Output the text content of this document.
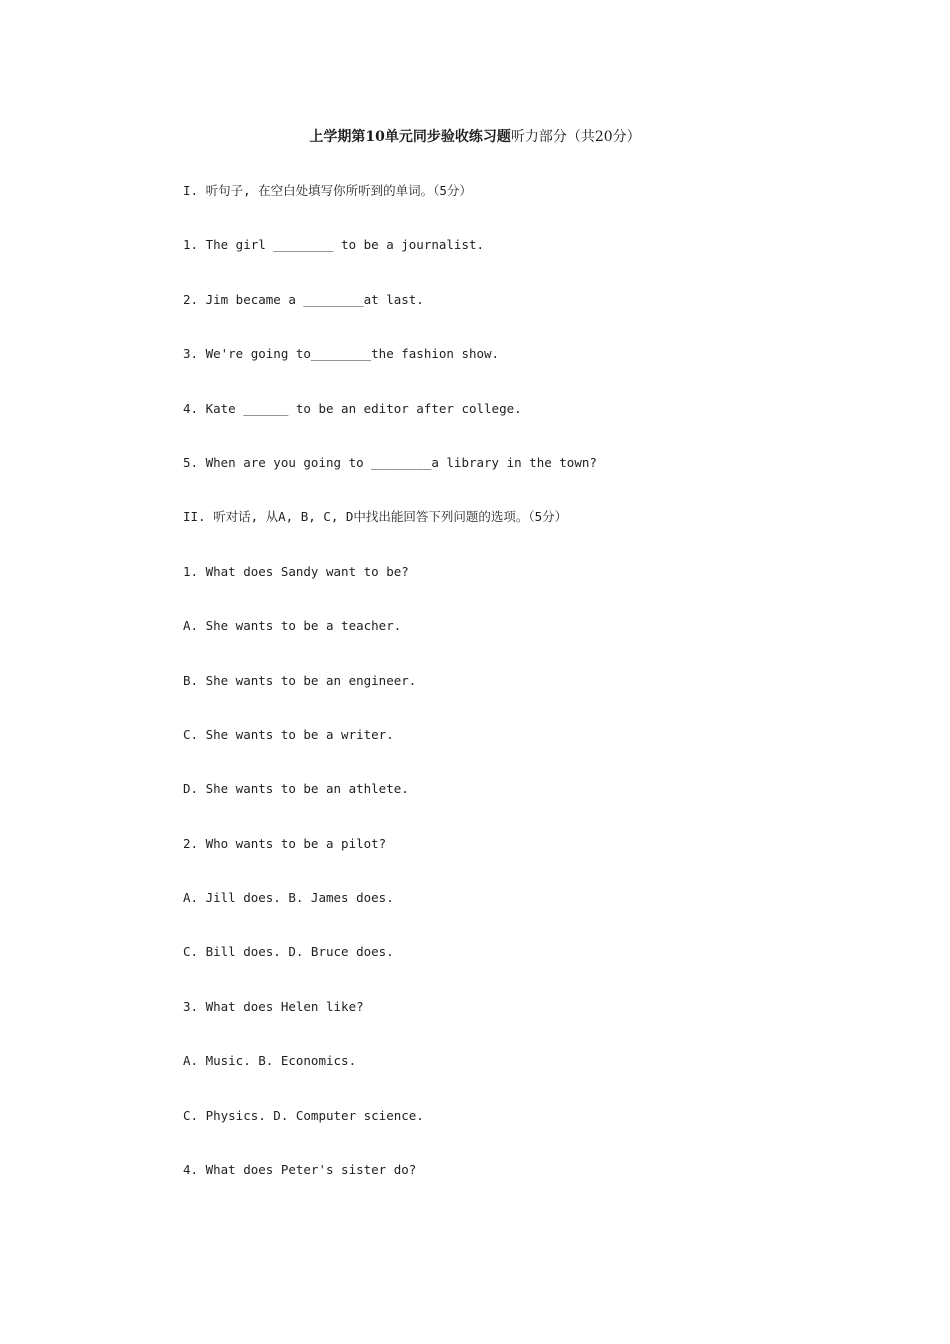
上学期第10单元同步验收练习题听力部分（共20分）
I. 听句子, 在空白处填写你所听到的单词。（5分）
1. The girl ________ to be a journalist.
2. Jim became a ________at last.
3. We're going to________the fashion show.
4. Kate ______ to be an editor after college.
5. When are you going to ________a library in the town?
II. 听对话, 从A, B, C, D中找出能回答下列问题的选项。（5分）
1. What does Sandy want to be?
A. She wants to be a teacher.
B. She wants to be an engineer.
C. She wants to be a writer.
D. She wants to be an athlete.
2. Who wants to be a pilot?
A. Jill does. B. James does.
C. Bill does. D. Bruce does.
3. What does Helen like?
A. Music. B. Economics.
C. Physics. D. Computer science.
4. What does Peter's sister do?
